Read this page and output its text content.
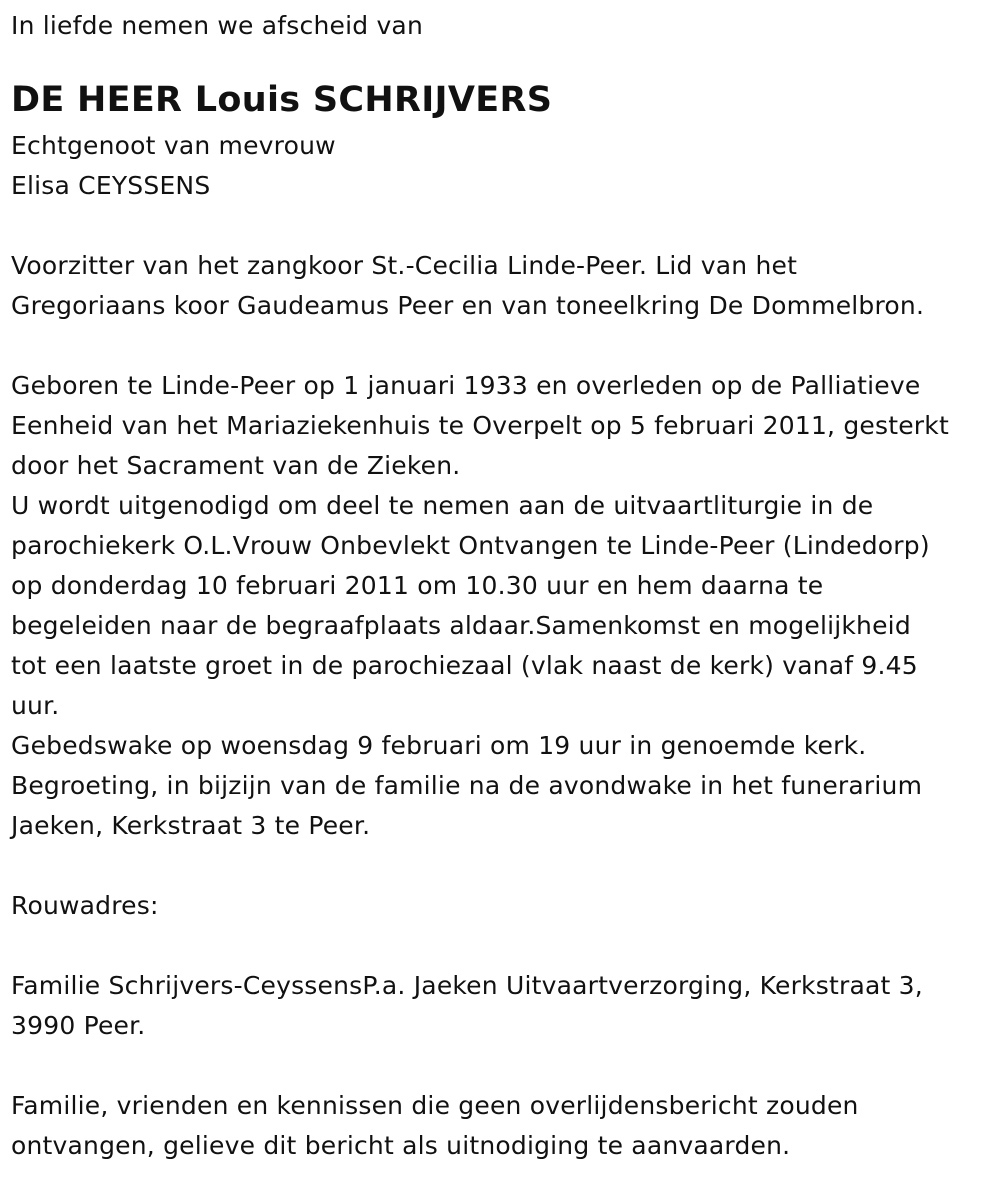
In liefde nemen we afscheid van
DE HEER Louis SCHRIJVERS
Echtgenoot van mevrouw
Elisa CEYSSENS
Voorzitter van het zangkoor St.-Cecilia Linde-Peer. Lid van het
Gregoriaans koor Gaudeamus Peer en van toneelkring De Dommelbron.
Geboren te Linde-Peer op 1 januari 1933 en overleden op de Palliatieve
Eenheid van het Mariaziekenhuis te Overpelt op 5 februari 2011, gesterkt
door het Sacrament van de Zieken.
U wordt uitgenodigd om deel te nemen aan de uitvaartliturgie in de
parochiekerk O.L.Vrouw Onbevlekt Ontvangen te Linde-Peer (Lindedorp)
op donderdag 10 februari 2011 om 10.30 uur en hem daarna te
begeleiden naar de begraafplaats aldaar.Samenkomst en mogelijkheid
tot een laatste groet in de parochiezaal (vlak naast de kerk) vanaf 9.45
uur.
Gebedswake op woensdag 9 februari om 19 uur in genoemde kerk.
Begroeting, in bijzijn van de familie na de avondwake in het funerarium
Jaeken, Kerkstraat 3 te Peer.
Rouwadres:
Familie Schrijvers-CeyssensP.a. Jaeken Uitvaartverzorging, Kerkstraat 3,
3990 Peer.
Familie, vrienden en kennissen die geen overlijdensbericht zouden
ontvangen, gelieve dit bericht als uitnodiging te aanvaarden.
